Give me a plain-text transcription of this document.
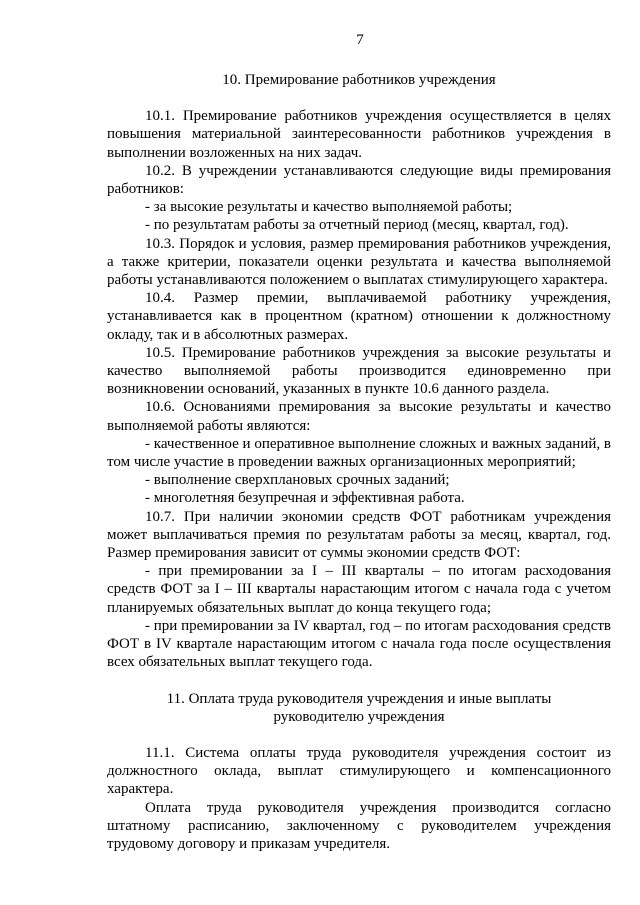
7

10. Премирование работников учреждения

10.1. Премирование работников учреждения осуществляется в целях повышения материальной заинтересованности работников учреждения в выполнении возложенных на них задач.

10.2. В учреждении устанавливаются следующие виды премирования работников:

- за высокие результаты и качество выполняемой работы;

- по результатам работы за отчетный период (месяц, квартал, год).

10.3. Порядок и условия, размер премирования работников учреждения, а также критерии, показатели оценки результата и качества выполняемой работы устанавливаются положением о выплатах стимулирующего характера.

10.4. Размер премии, выплачиваемой работнику учреждения, устанавливается как в процентном (кратном) отношении к должностному окладу, так и в абсолютных размерах.

10.5. Премирование работников учреждения за высокие результаты и качество выполняемой работы производится единовременно при возникновении оснований, указанных в пункте 10.6 данного раздела.

10.6. Основаниями премирования за высокие результаты и качество выполняемой работы являются:

- качественное и оперативное выполнение сложных и важных заданий, в том числе участие в проведении важных организационных мероприятий;

- выполнение сверхплановых срочных заданий;

- многолетняя безупречная и эффективная работа.

10.7. При наличии экономии средств ФОТ работникам учреждения может выплачиваться премия по результатам работы за месяц, квартал, год. Размер премирования зависит от суммы экономии средств ФОТ:

- при премировании за I – III кварталы – по итогам расходования средств ФОТ за I – III кварталы нарастающим итогом с начала года с учетом планируемых обязательных выплат до конца текущего года;

- при премировании за IV квартал, год – по итогам расходования средств ФОТ в IV квартале нарастающим итогом с начала года после осуществления всех обязательных выплат текущего года.

11. Оплата труда руководителя учреждения и иные выплаты

руководителю учреждения

11.1. Система оплаты труда руководителя учреждения состоит из должностного оклада, выплат стимулирующего и компенсационного характера.

Оплата труда руководителя учреждения производится согласно штатному расписанию, заключенному с руководителем учреждения трудовому договору и приказам учредителя.
